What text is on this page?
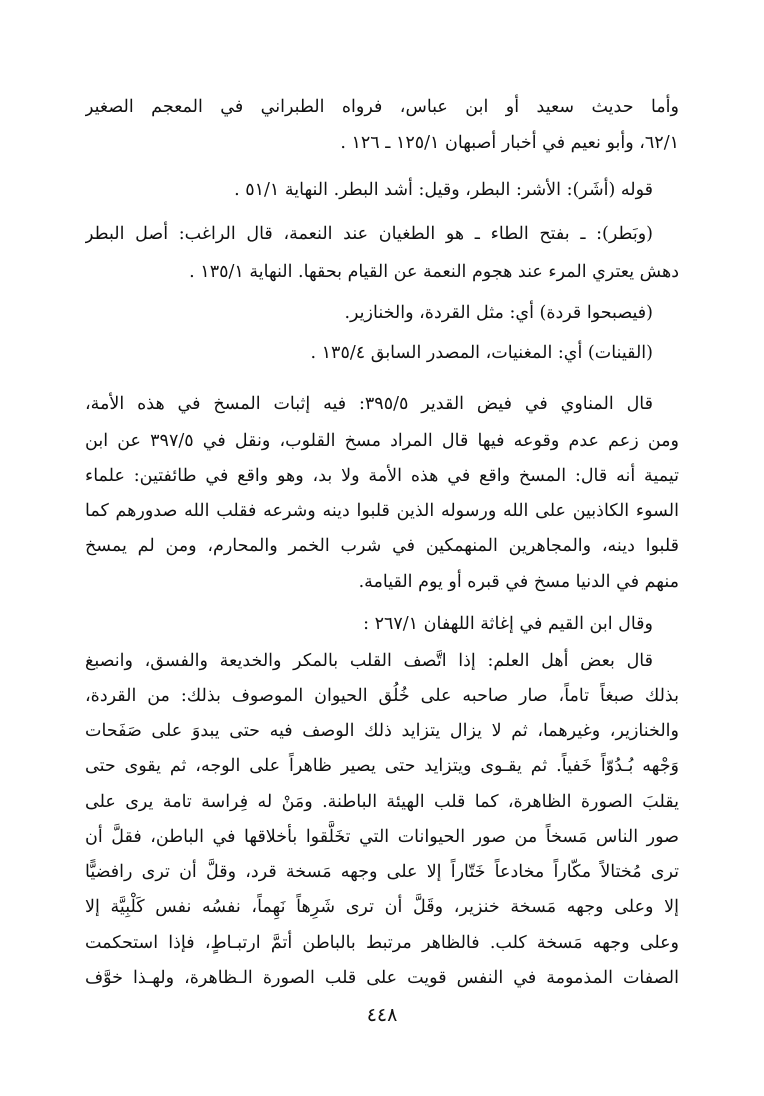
وأما حديث سعيد أو ابن عباس، فرواه الطبراني في المعجم الصغير
٦٢/١، وأبو نعيم في أخبار أصبهان ١٢٥/١ ـ ١٢٦ .
قوله (أشَر): الأشر: البطر، وقيل: أشد البطر. النهاية ٥١/١ .
(وبَطر): ـ بفتح الطاء ـ هو الطغيان عند النعمة، قال الراغب: أصل البطر
دهش يعتري المرء عند هجوم النعمة عن القيام بحقها. النهاية ١٣٥/١ .
(فيصبحوا قردة) أي: مثل القردة، والخنازير.
(القينات) أي: المغنيات، المصدر السابق ١٣٥/٤ .
قال المناوي في فيض القدير ٣٩٥/٥: فيه إثبات المسخ في هذه الأمة،
ومن زعم عدم وقوعه فيها قال المراد مسخ القلوب، ونقل في ٣٩٧/٥ عن ابن
تيمية أنه قال: المسخ واقع في هذه الأمة ولا بد، وهو واقع في طائفتين: علماء
السوء الكاذبين على الله ورسوله الذين قلبوا دينه وشرعه فقلب الله صدورهم كما
قلبوا دينه، والمجاهرين المنهمكين في شرب الخمر والمحارم، ومن لم يمسخ
منهم في الدنيا مسخ في قبره أو يوم القيامة.
وقال ابن القيم في إغاثة اللهفان ٢٦٧/١ :
قال بعض أهل العلم: إذا اتَّصف القلب بالمكر والخديعة والفسق، وانصبغ
بذلك صبغاً تاماً، صار صاحبه على خُلُق الحيوان الموصوف بذلك: من القردة،
والخنازير، وغيرهما، ثم لا يزال يتزايد ذلك الوصف فيه حتى يبدوَ على صَفَحات
وَجْهه بُـدُوّاً خَفياً. ثم يقـوى ويتزايد حتى يصير ظاهراً على الوجه، ثم يقوى حتى
يقلبَ الصورة الظاهرة، كما قلب الهيئة الباطنة. ومَنْ له فِراسة تامة يرى على
صور الناس مَسخاً من صور الحيوانات التي تخَلَّقوا بأخلاقها في الباطن، فقلَّ أن
ترى مُختالاً مكّاراً مخادعاً خَتّاراً إلا على وجهه مَسخة قرد، وقلَّ أن ترى رافضيًّا
إلا وعلى وجهه مَسخة خنزير، وقَلَّ أن ترى شَرِهاً نَهِماً، نفسُه نفس كَلْبِيَّة إلا
وعلى وجهه مَسخة كلب. فالظاهر مرتبط بالباطن أتمَّ ارتبـاطٍ، فإذا استحكمت
الصفات المذمومة في النفس قويت على قلب الصورة الـظاهرة، ولهـذا خوَّف
٤٤٨
